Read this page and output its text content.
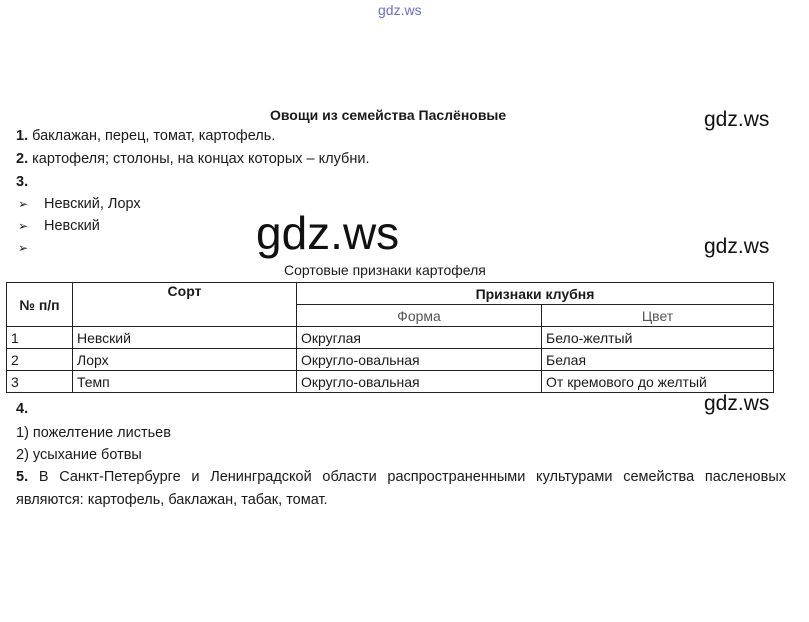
gdz.ws
gdz.ws
gdz.ws	gdz.ws
gdz.ws
Овощи из семейства Паслёновые
1. баклажан, перец, томат, картофель.
2. картофеля; столоны, на концах которых – клубни.
3.
➢ Невский, Лорх
➢ Невский
➢
Сортовые признаки картофеля
№ п/п	Сорт	Признаки клубня	
		Форма	Цвет
1	Невский	Округлая	Бело-желтый
2	Лорх	Округло-овальная	Белая
3	Темп	Округло-овальная	От кремового до желтый
4.
1) пожелтение листьев
2) усыхание ботвы
5. В Санкт-Петербурге и Ленинградской области распространенными культурами семейства пасленовых являются: картофель, баклажан, табак, томат.
